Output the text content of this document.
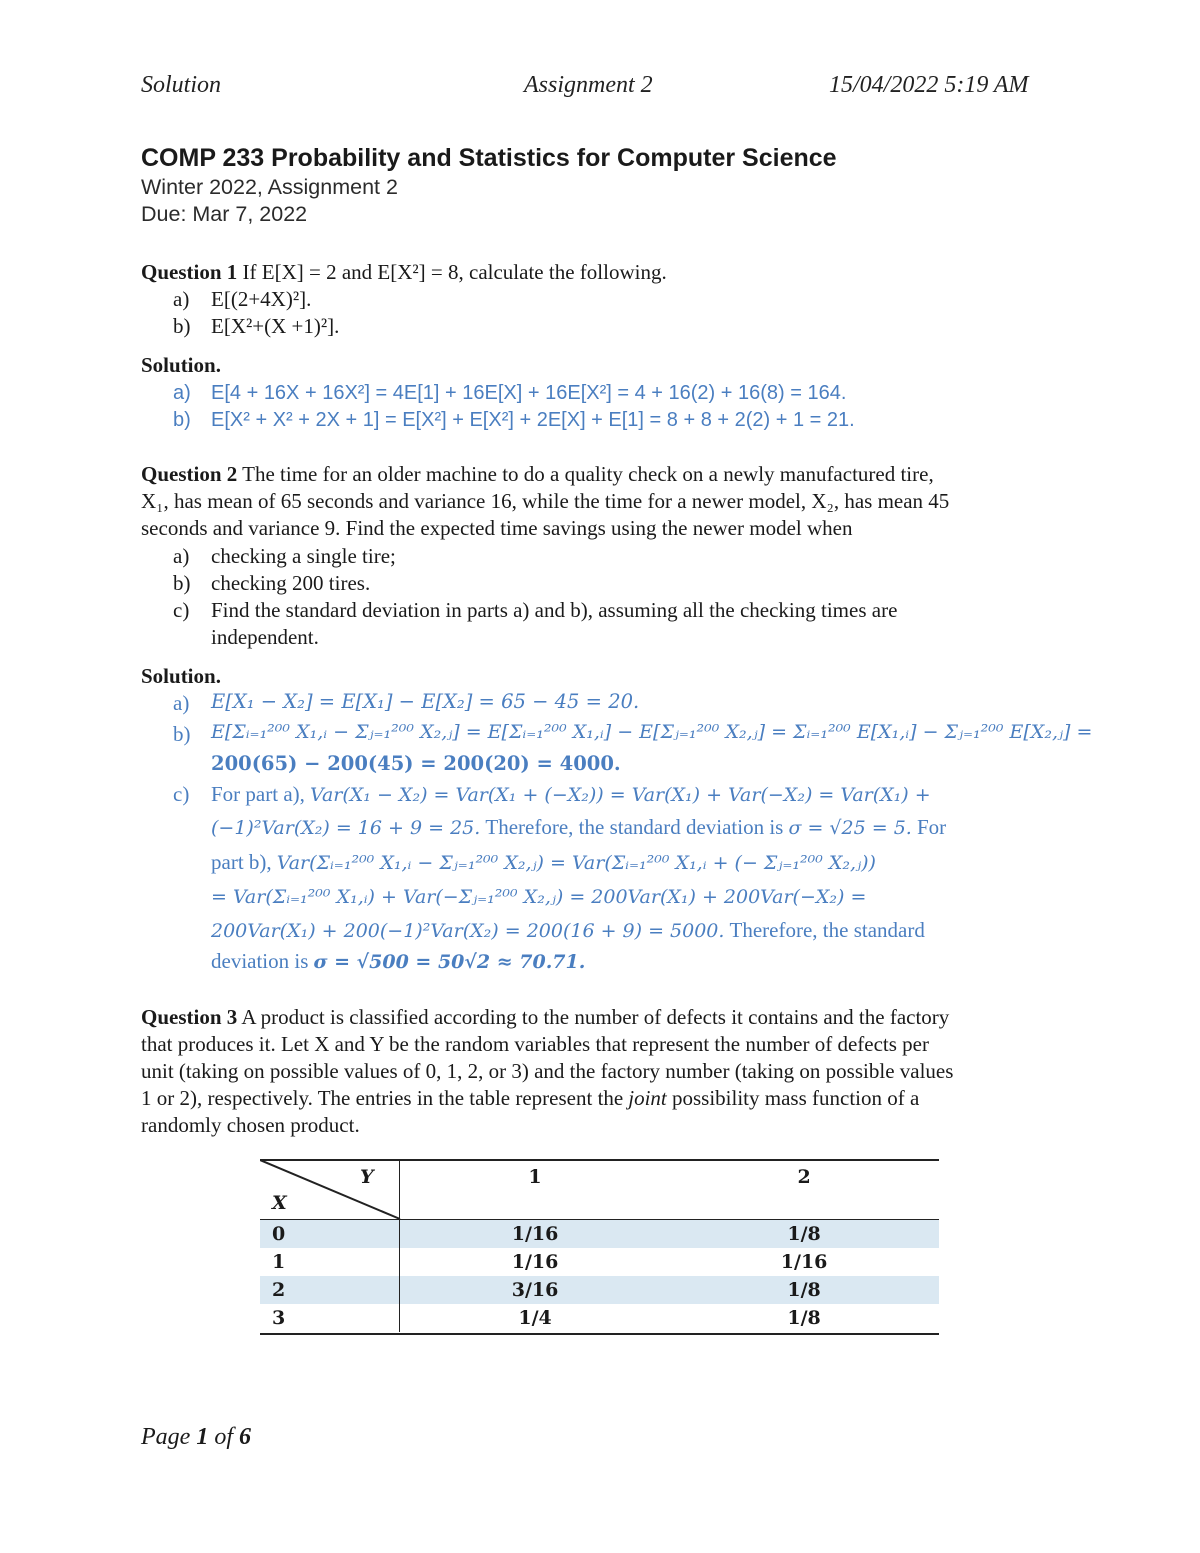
Solution	Assignment 2	15/04/2022 5:19 AM
COMP 233 Probability and Statistics for Computer Science
Winter 2022, Assignment 2
Due: Mar 7, 2022
Question 1 If E[X] = 2 and E[X²] = 8, calculate the following.
a) E[(2+4X)²].
b) E[X²+(X +1)²].
Solution.
a) E[4 + 16X + 16X²] = 4E[1] + 16E[X] + 16E[X²] = 4 + 16(2) + 16(8) = 164.
b) E[X² + X² + 2X + 1] = E[X²] + E[X²] + 2E[X] + E[1] = 8 + 8 + 2(2) + 1 = 21.
Question 2 The time for an older machine to do a quality check on a newly manufactured tire,
X₁, has mean of 65 seconds and variance 16, while the time for a newer model, X₂, has mean 45
seconds and variance 9. Find the expected time savings using the newer model when
a) checking a single tire;
b) checking 200 tires.
c) Find the standard deviation in parts a) and b), assuming all the checking times are
independent.
Solution.
a) E[X₁ − X₂] = E[X₁] − E[X₂] = 65 − 45 = 20.
b) E[Σᵢ₌₁²⁰⁰ X₁,ᵢ − Σⱼ₌₁²⁰⁰ X₂,ⱼ] = E[Σᵢ₌₁²⁰⁰ X₁,ᵢ] − E[Σⱼ₌₁²⁰⁰ X₂,ⱼ] = Σᵢ₌₁²⁰⁰ E[X₁,ᵢ] − Σⱼ₌₁²⁰⁰ E[X₂,ⱼ] =
200(65) − 200(45) = 200(20) = 4000.
c) For part a), Var(X₁ − X₂) = Var(X₁ + (−X₂)) = Var(X₁) + Var(−X₂) = Var(X₁) +
(−1)²Var(X₂) = 16 + 9 = 25. Therefore, the standard deviation is σ = √25 = 5. For
part b), Var(Σᵢ₌₁²⁰⁰ X₁,ᵢ − Σⱼ₌₁²⁰⁰ X₂,ⱼ) = Var(Σᵢ₌₁²⁰⁰ X₁,ᵢ + (− Σⱼ₌₁²⁰⁰ X₂,ⱼ))
= Var(Σᵢ₌₁²⁰⁰ X₁,ᵢ) + Var(−Σⱼ₌₁²⁰⁰ X₂,ⱼ) = 200Var(X₁) + 200Var(−X₂) =
200Var(X₁) + 200(−1)²Var(X₂) = 200(16 + 9) = 5000. Therefore, the standard
deviation is σ = √500 = 50√2 ≈ 70.71.
Question 3 A product is classified according to the number of defects it contains and the factory
that produces it. Let X and Y be the random variables that represent the number of defects per
unit (taking on possible values of 0, 1, 2, or 3) and the factory number (taking on possible values
1 or 2), respectively. The entries in the table represent the joint possibility mass function of a
randomly chosen product.
Y
X	1	2
0	1/16	1/8
1	1/16	1/16
2	3/16	1/8
3	1/4	1/8
Page 1 of 6
